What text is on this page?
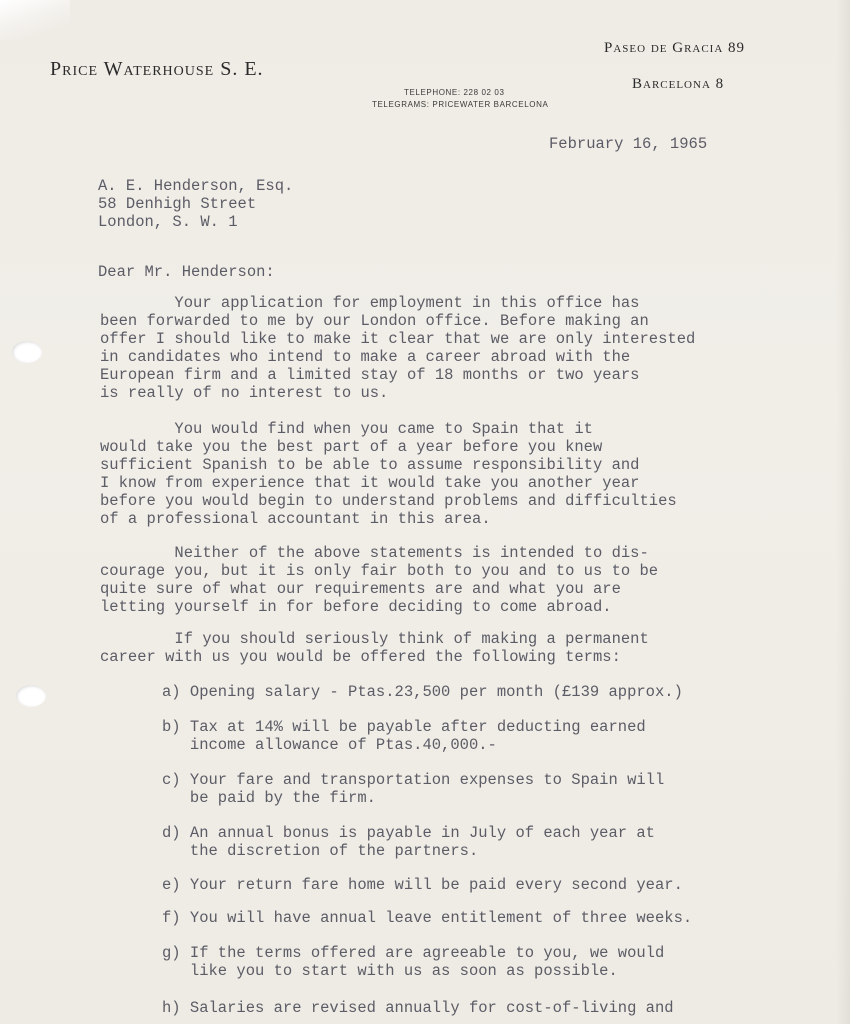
Price Waterhouse S. E.
Paseo de Gracia 89
Barcelona 8
TELEPHONE: 228 02 03
TELEGRAMS: PRICEWATER BARCELONA
February 16, 1965
A. E. Henderson, Esq.
58 Denhigh Street
London, S. W. 1
Dear Mr. Henderson:
Your application for employment in this office has
been forwarded to me by our London office. Before making an
offer I should like to make it clear that we are only interested
in candidates who intend to make a career abroad with the
European firm and a limited stay of 18 months or two years
is really of no interest to us.
You would find when you came to Spain that it
would take you the best part of a year before you knew
sufficient Spanish to be able to assume responsibility and
I know from experience that it would take you another year
before you would begin to understand problems and difficulties
of a professional accountant in this area.
Neither of the above statements is intended to dis-
courage you, but it is only fair both to you and to us to be
quite sure of what our requirements are and what you are
letting yourself in for before deciding to come abroad.
If you should seriously think of making a permanent
career with us you would be offered the following terms:
a) Opening salary - Ptas.23,500 per month (£139 approx.)
b) Tax at 14% will be payable after deducting earned
income allowance of Ptas.40,000.-
c) Your fare and transportation expenses to Spain will
be paid by the firm.
d) An annual bonus is payable in July of each year at
the discretion of the partners.
e) Your return fare home will be paid every second year.
f) You will have annual leave entitlement of three weeks.
g) If the terms offered are agreeable to you, we would
like you to start with us as soon as possible.
h) Salaries are revised annually for cost-of-living and
